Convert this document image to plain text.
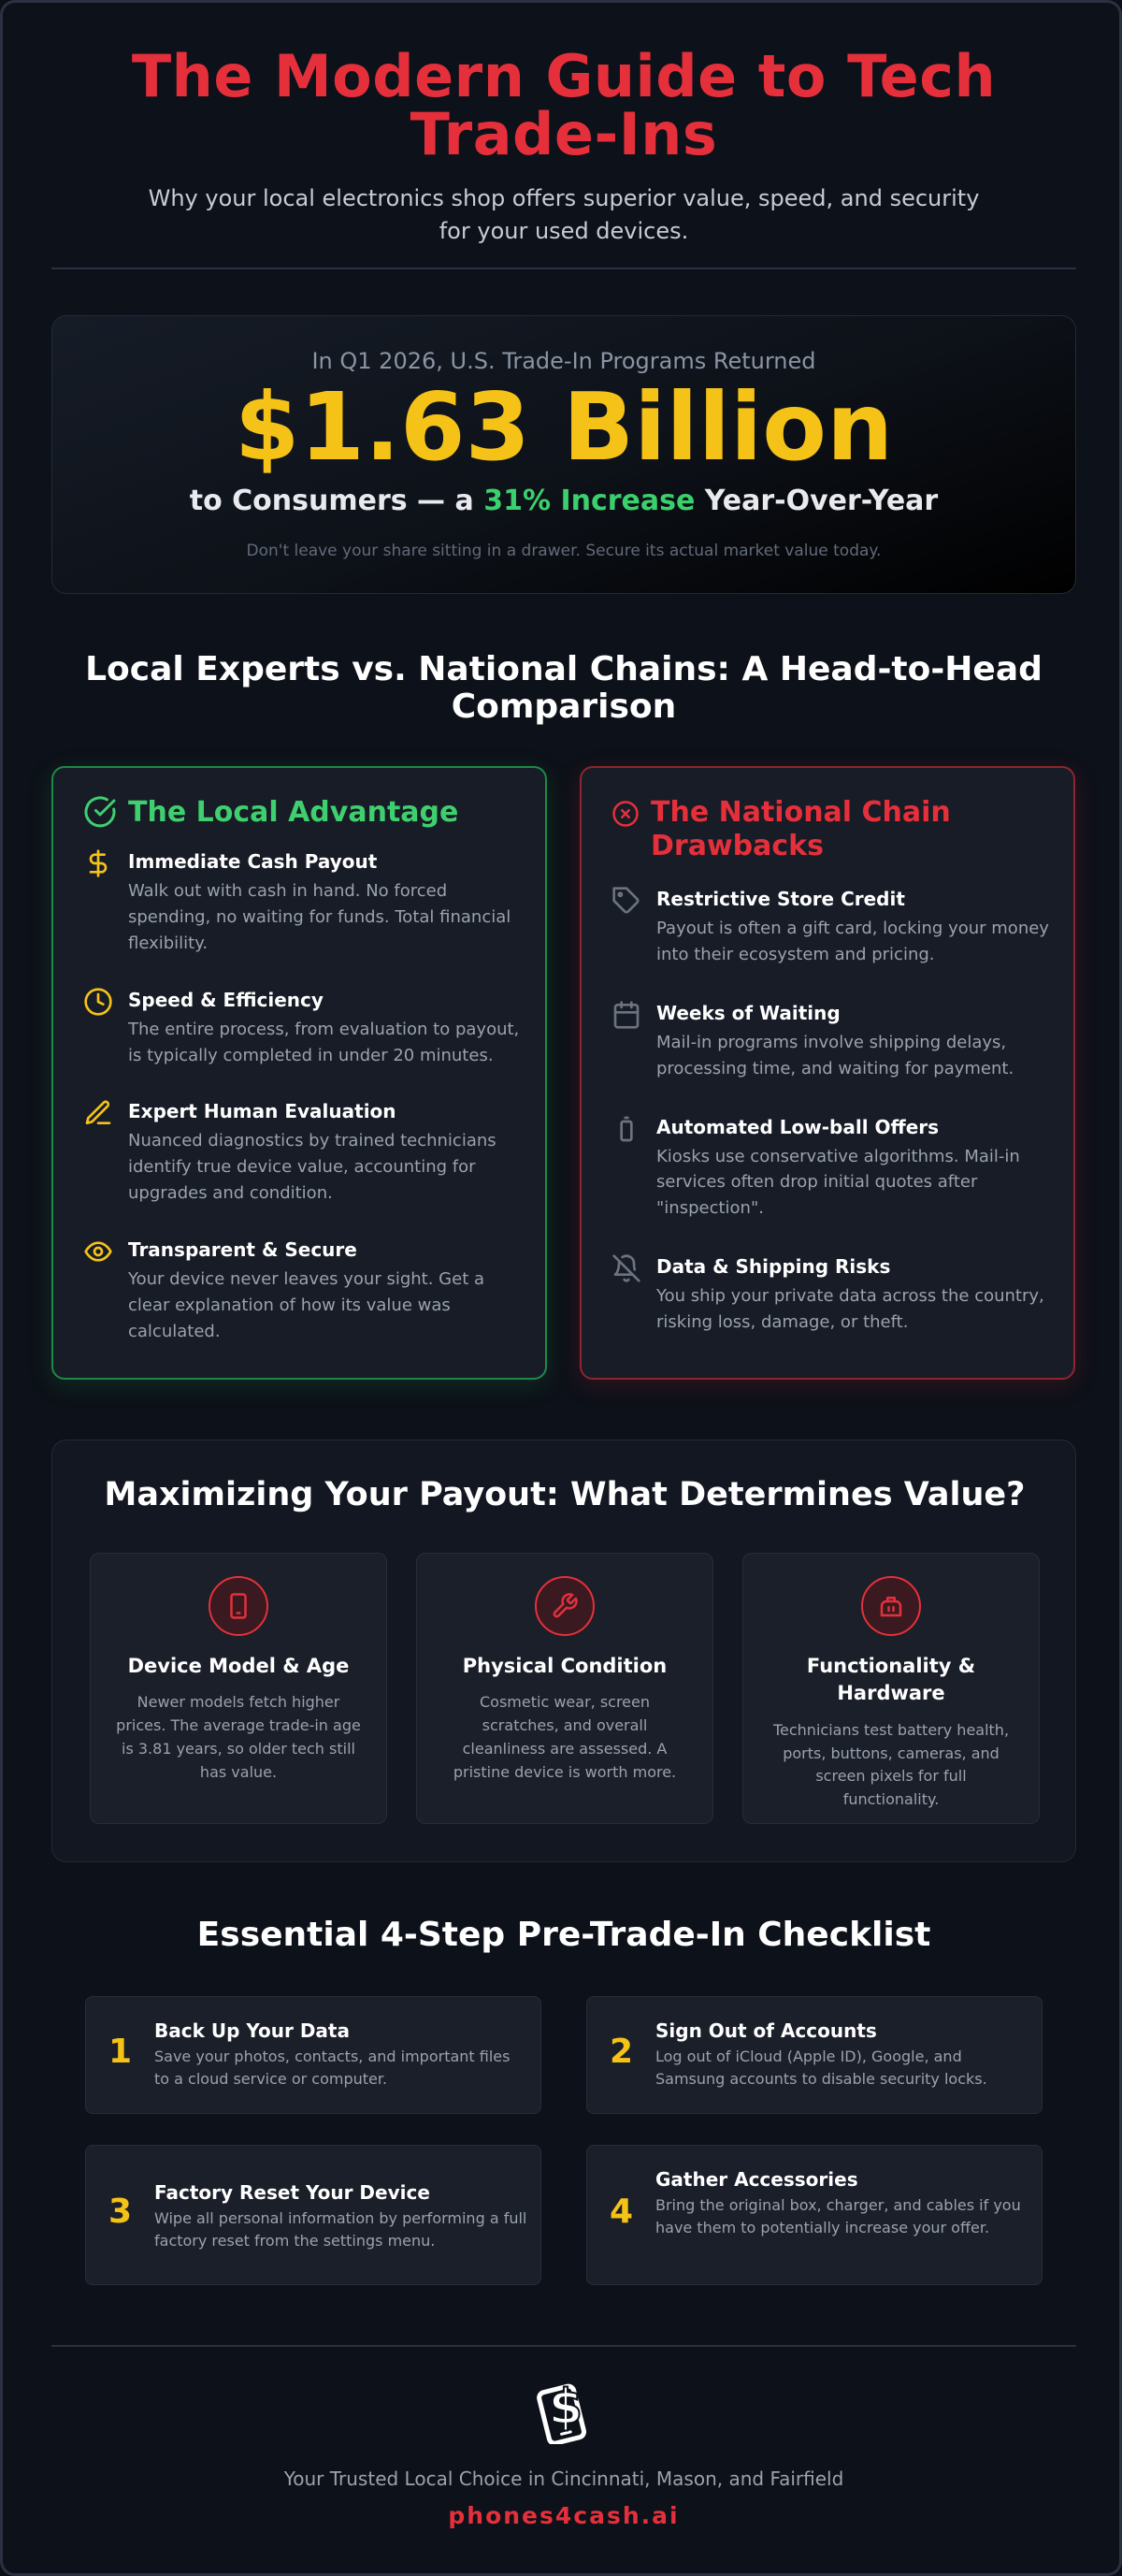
The Modern Guide to Tech Trade-Ins

Why your local electronics shop offers superior value, speed, and security for your used devices.

In Q1 2026, U.S. Trade-In Programs Returned
$1.63 Billion
to Consumers — a 31% Increase Year-Over-Year
Don't leave your share sitting in a drawer. Secure its actual market value today.
Local Experts vs. National Chains: A Head-to-Head Comparison
The Local Advantage
Immediate Cash Payout
Walk out with cash in hand. No forced spending, no waiting for funds. Total financial flexibility.
Speed & Efficiency
The entire process, from evaluation to payout, is typically completed in under 20 minutes.
Expert Human Evaluation
Nuanced diagnostics by trained technicians identify true device value, accounting for upgrades and condition.
Transparent & Secure
Your device never leaves your sight. Get a clear explanation of how its value was calculated.
The National Chain Drawbacks
Restrictive Store Credit
Payout is often a gift card, locking your money into their ecosystem and pricing.
Weeks of Waiting
Mail-in programs involve shipping delays, processing time, and waiting for payment.
Automated Low-ball Offers
Kiosks use conservative algorithms. Mail-in services often drop initial quotes after "inspection".
Data & Shipping Risks
You ship your private data across the country, risking loss, damage, or theft.
Maximizing Your Payout: What Determines Value?
Device Model & Age
Newer models fetch higher prices. The average trade-in age is 3.81 years, so older tech still has value.
Physical Condition
Cosmetic wear, screen scratches, and overall cleanliness are assessed. A pristine device is worth more.
Functionality & Hardware
Technicians test battery health, ports, buttons, cameras, and screen pixels for full functionality.
Essential 4-Step Pre-Trade-In Checklist
1
Back Up Your Data
Save your photos, contacts, and important files to a cloud service or computer.
2
Sign Out of Accounts
Log out of iCloud (Apple ID), Google, and Samsung accounts to disable security locks.
3 Factory Reset Your Device
Wipe all personal information by performing a full factory reset from the settings menu.
4
Gather Accessories
Bring the original box, charger, and cables if you have them to potentially increase your offer.
$
Your Trusted Local Choice in Cincinnati, Mason, and Fairfield
phones4cash.ai
